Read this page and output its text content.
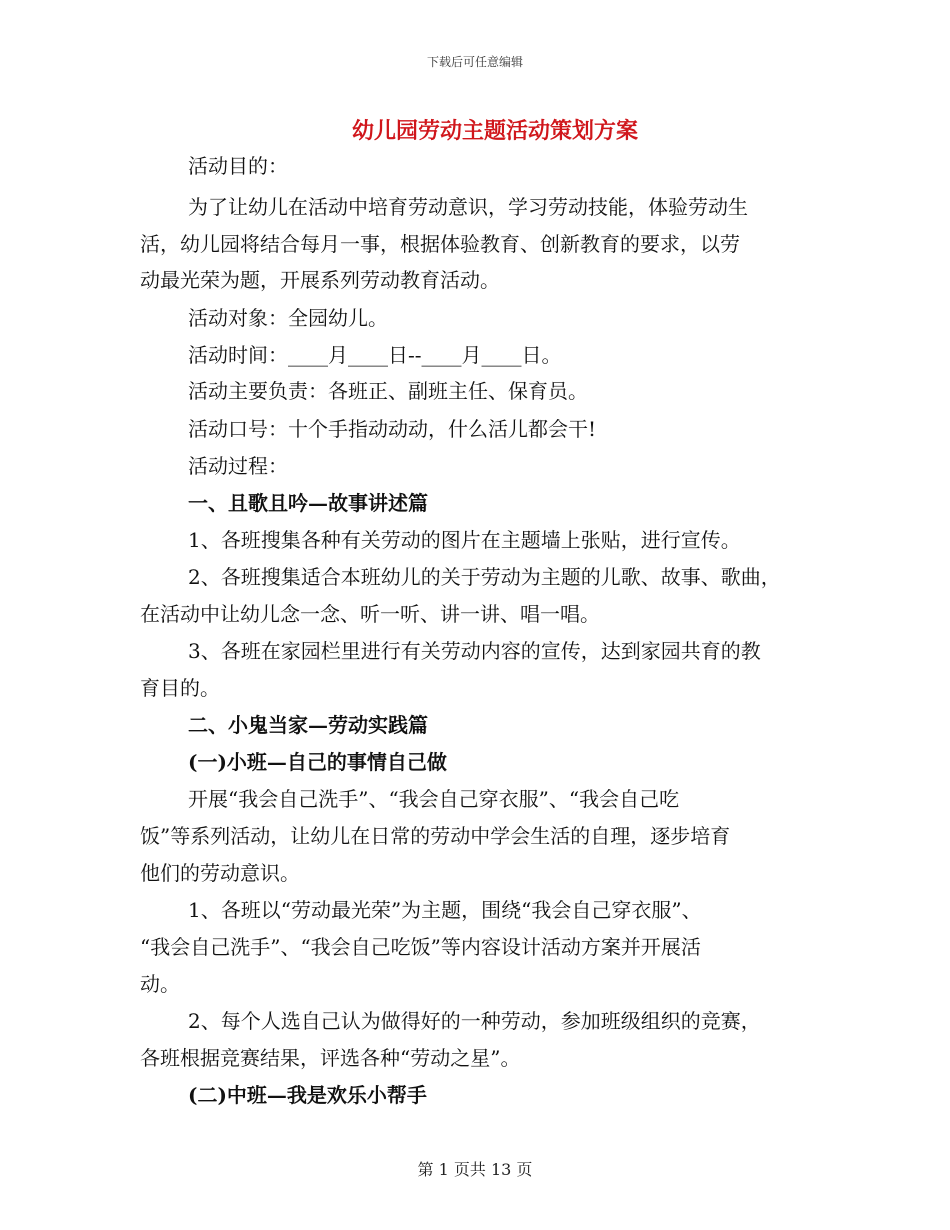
下载后可任意编辑
幼儿园劳动主题活动策划方案
活动目的：
为了让幼儿在活动中培育劳动意识，学习劳动技能，体验劳动生
活，幼儿园将结合每月一事，根据体验教育、创新教育的要求，以劳
动最光荣为题，开展系列劳动教育活动。
活动对象：全园幼儿。
活动时间：____月____日--____月____日。
活动主要负责：各班正、副班主任、保育员。
活动口号：十个手指动动动，什么活儿都会干!
活动过程：
一、且歌且吟—故事讲述篇
1、各班搜集各种有关劳动的图片在主题墙上张贴，进行宣传。
2、各班搜集适合本班幼儿的关于劳动为主题的儿歌、故事、歌曲，
在活动中让幼儿念一念、听一听、讲一讲、唱一唱。
3、各班在家园栏里进行有关劳动内容的宣传，达到家园共育的教
育目的。
二、小鬼当家—劳动实践篇
(一)小班—自己的事情自己做
开展“我会自己洗手”、“我会自己穿衣服”、“我会自己吃
饭”等系列活动，让幼儿在日常的劳动中学会生活的自理，逐步培育
他们的劳动意识。
1、各班以“劳动最光荣”为主题，围绕“我会自己穿衣服”、
“我会自己洗手”、“我会自己吃饭”等内容设计活动方案并开展活
动。
2、每个人选自己认为做得好的一种劳动，参加班级组织的竞赛，
各班根据竞赛结果，评选各种“劳动之星”。
(二)中班—我是欢乐小帮手
第 1 页共 13 页
